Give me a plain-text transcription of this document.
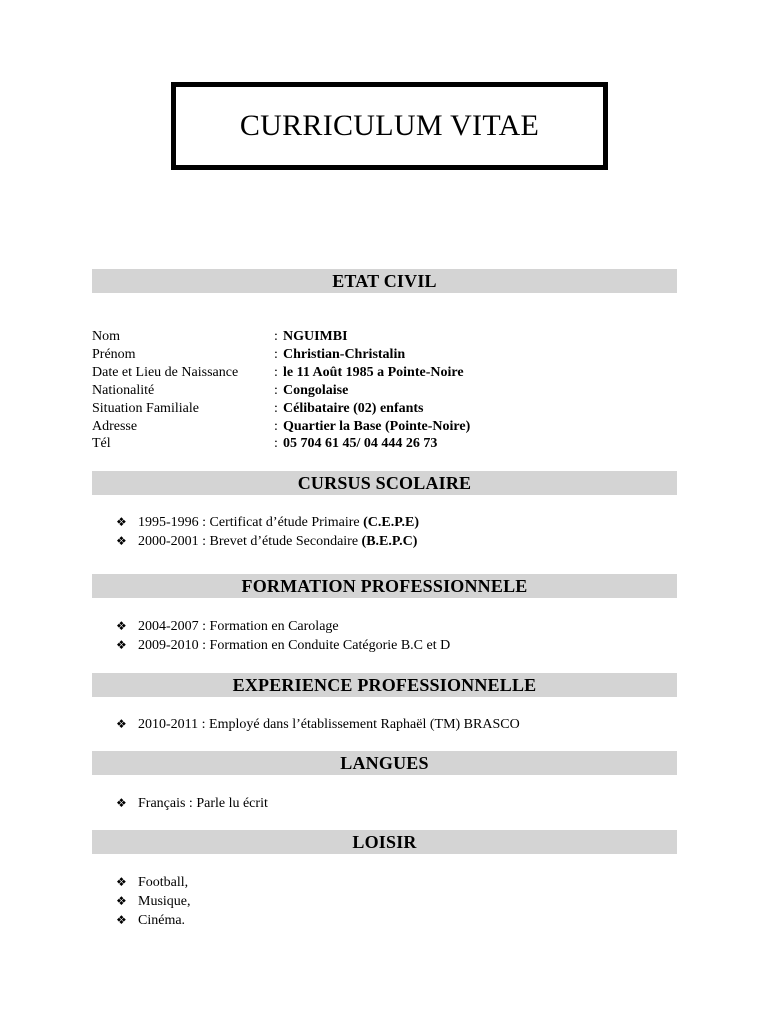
CURRICULUM VITAE
ETAT CIVIL
Nom	: NGUIMBI
Prénom	: Christian-Christalin
Date et Lieu de Naissance	: le 11 Août 1985 a Pointe-Noire
Nationalité	: Congolaise
Situation Familiale	: Célibataire (02) enfants
Adresse	: Quartier la Base (Pointe-Noire)
Tél	: 05 704 61 45/ 04 444 26 73
CURSUS SCOLAIRE
❖ 1995-1996 : Certificat d’étude Primaire (C.E.P.E)
❖ 2000-2001 : Brevet d’étude Secondaire (B.E.P.C)
FORMATION PROFESSIONNELE
❖ 2004-2007 : Formation en Carolage
❖ 2009-2010 : Formation en Conduite Catégorie B.C et D
EXPERIENCE PROFESSIONNELLE
❖ 2010-2011 : Employé dans l’établissement Raphaël (TM) BRASCO
LANGUES
❖ Français : Parle lu écrit
LOISIR
❖ Football,
❖ Musique,
❖ Cinéma.
